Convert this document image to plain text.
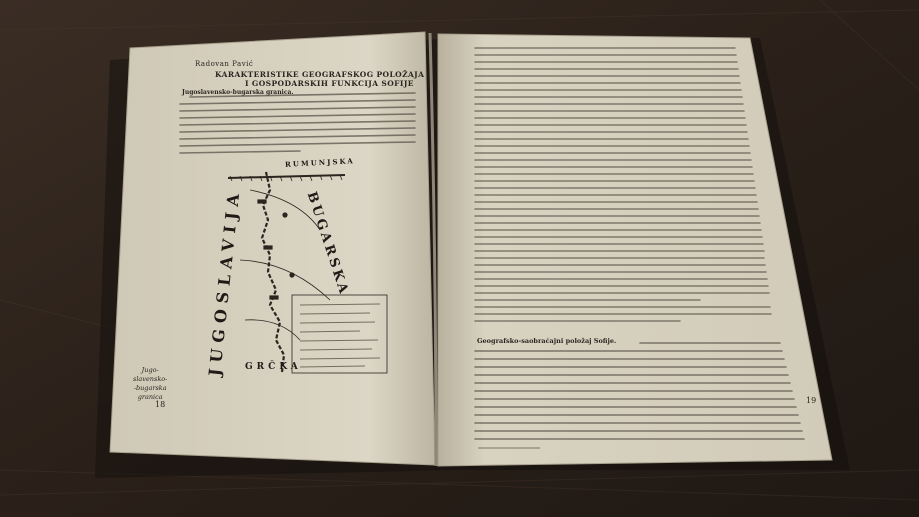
Radovan Pavić
KARAKTERISTIKE GEOGRAFSKOG POLOŽAJA
I GOSPODARSKIH FUNKCIJA SOFIJE
Jugoslavensko-bugarska granica.
RUMUNJSKA
JUGOSLAVIJA	BUGARSKA
GRČKA
Jugo-
slavensko-
-bugarska
granica
18
Geografsko-saobraćajni položaj Sofije.
19
